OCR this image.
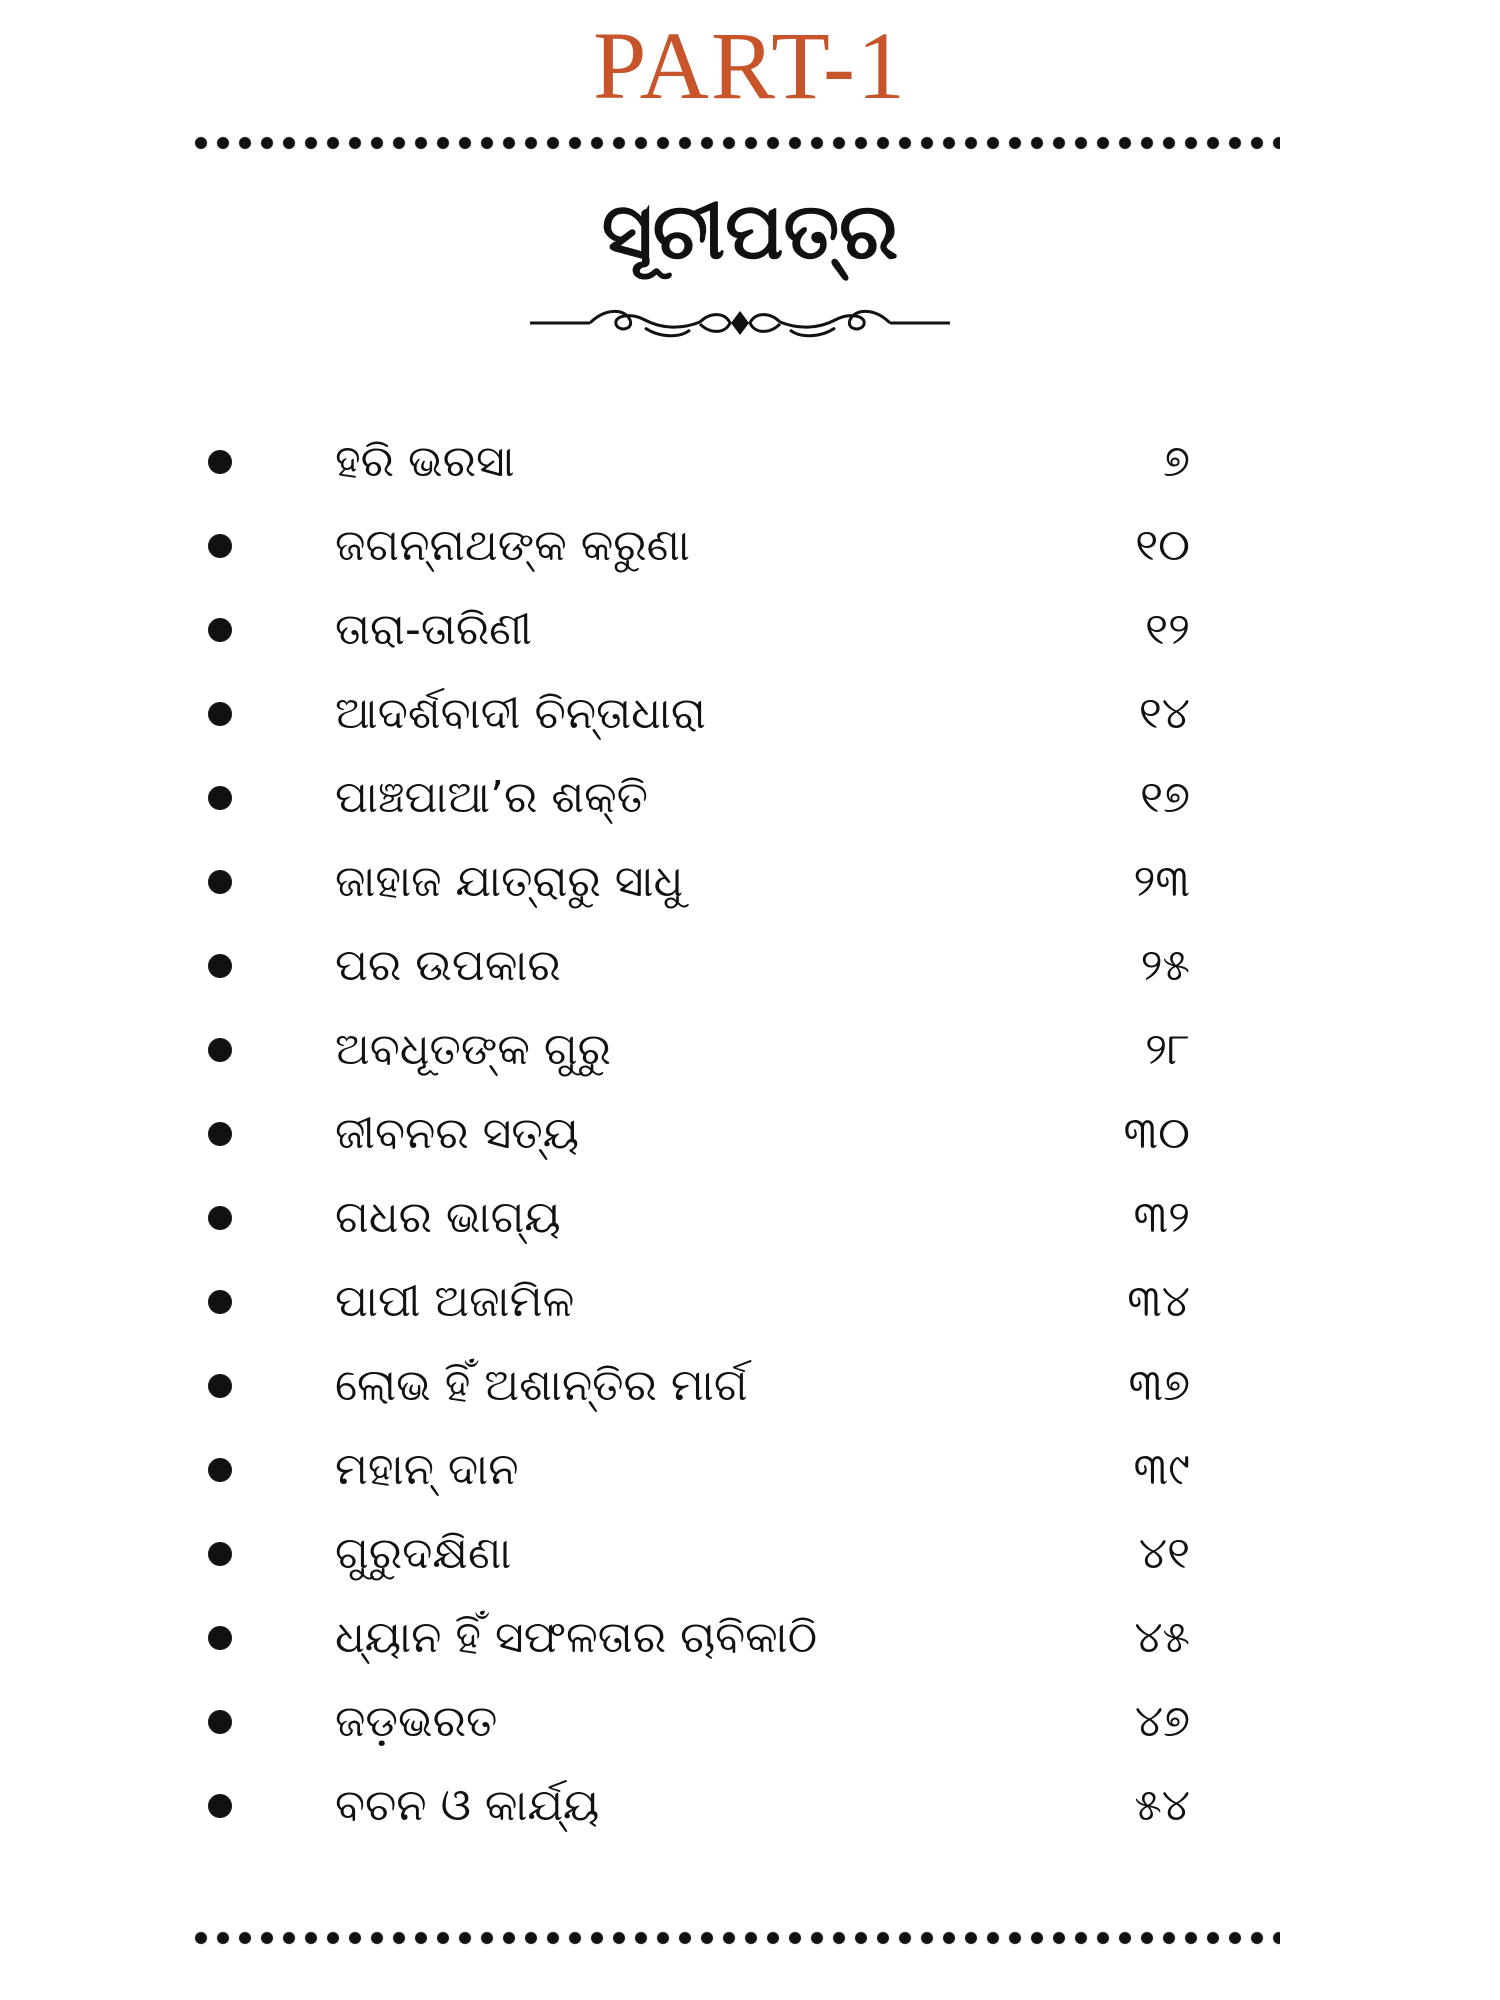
PART-1
ସୂଚୀପତ୍ର
ହରି ଭରସା	୭
ଜଗନ୍ନାଥଙ୍କ କରୁଣା	୧୦
ତାରା-ତାରିଣୀ	୧୨
ଆଦର୍ଶବାଦୀ ଚିନ୍ତାଧାରା	୧୪
ପାଞ୍ଚପାଆ’ର ଶକ୍ତି	୧୭
ଜାହାଜ ଯାତ୍ରାରୁ ସାଧୁ	୨୩
ପର ଉପକାର	୨୫
ଅବଧୂତଙ୍କ ଗୁରୁ	୨୮
ଜୀବନର ସତ୍ୟ	୩୦
ଗଧର ଭାଗ୍ୟ	୩୨
ପାପୀ ଅଜାମିଳ	୩୪
ଲୋଭ ହିଁ ଅଶାନ୍ତିର ମାର୍ଗ	୩୭
ମହାନ୍ ଦାନ	୩୯
ଗୁରୁଦକ୍ଷିଣା	୪୧
ଧ୍ୟାନ ହିଁ ସଫଳତାର ଚାବିକାଠି	୪୫
ଜଡ଼ଭରତ	୪୭
ବଚନ ଓ କାର୍ଯ୍ୟ	୫୪
